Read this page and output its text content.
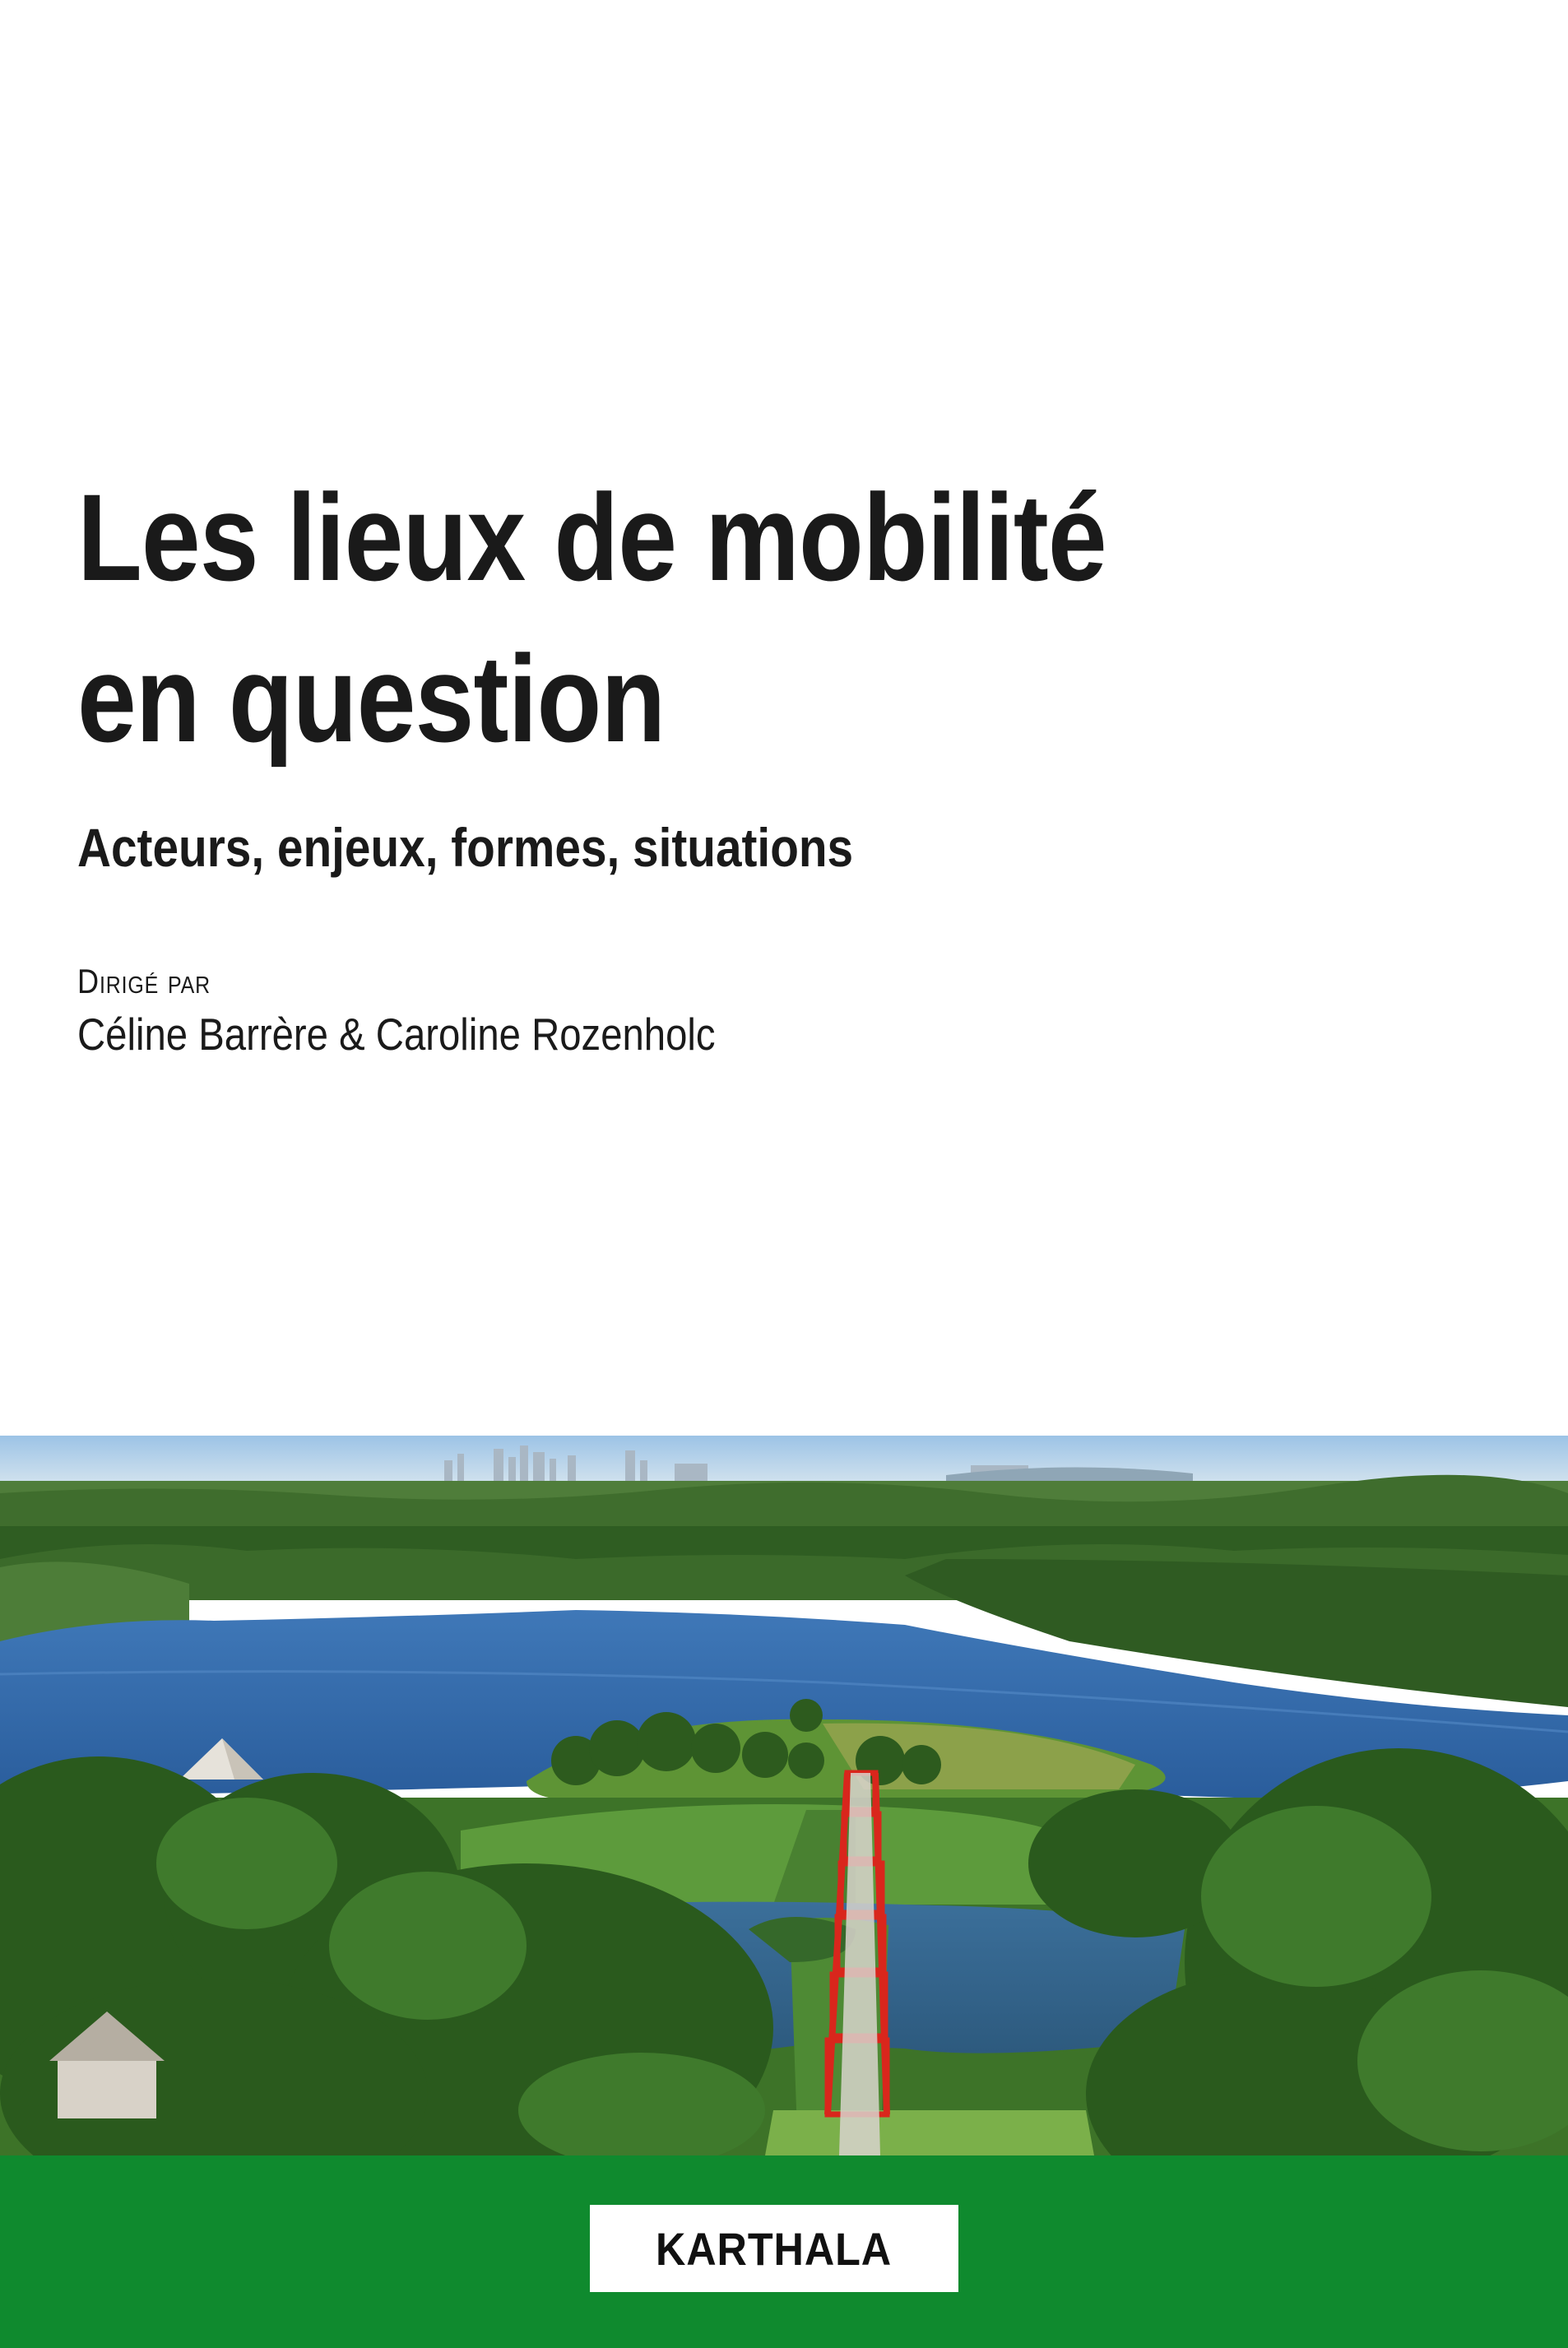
Les lieux de mobilité
en question

Acteurs, enjeux, formes, situations

Dirigé par

Céline Barrère & Caroline Rozenholc

KARTHALA
